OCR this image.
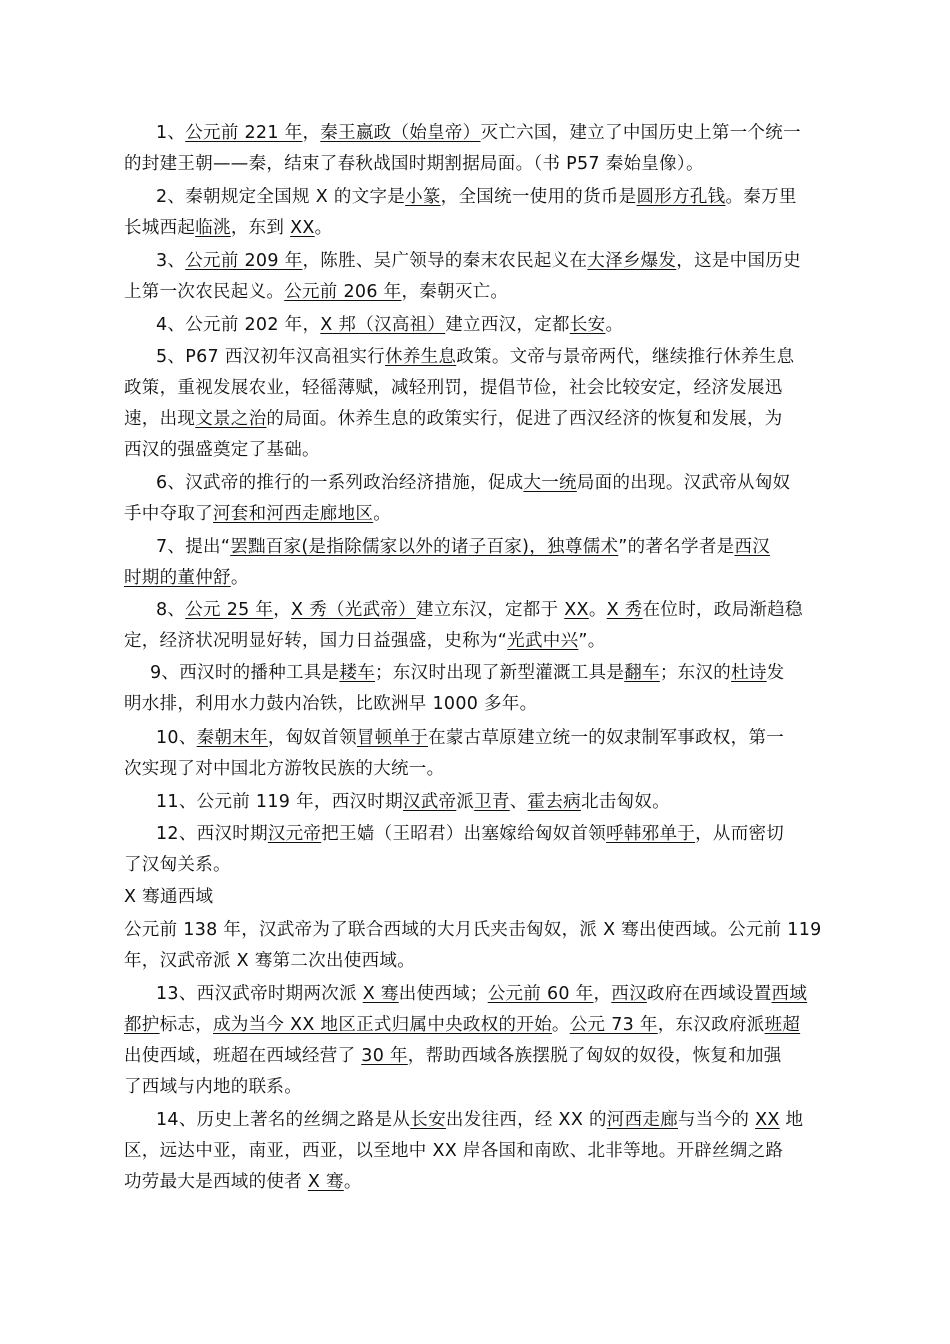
1、公元前 221 年，秦王嬴政（始皇帝）灭亡六国，建立了中国历史上第一个统一
的封建王朝——秦，结束了春秋战国时期割据局面。（书 P57 秦始皇像）。
2、秦朝规定全国规 X 的文字是小篆，全国统一使用的货币是圆形方孔钱。秦万里
长城西起临洮，东到 XX。
3、公元前 209 年，陈胜、吴广领导的秦末农民起义在大泽乡爆发，这是中国历史
上第一次农民起义。公元前 206 年，秦朝灭亡。
4、公元前 202 年，X 邦（汉高祖）建立西汉，定都长安。
5、P67 西汉初年汉高祖实行休养生息政策。文帝与景帝两代，继续推行休养生息
政策，重视发展农业，轻徭薄赋，减轻刑罚，提倡节俭，社会比较安定，经济发展迅
速，出现文景之治的局面。休养生息的政策实行，促进了西汉经济的恢复和发展，为
西汉的强盛奠定了基础。
6、汉武帝的推行的一系列政治经济措施，促成大一统局面的出现。汉武帝从匈奴
手中夺取了河套和河西走廊地区。
7、提出“罢黜百家(是指除儒家以外的诸子百家)，独尊儒术”的著名学者是西汉
时期的董仲舒。
8、公元 25 年，X 秀（光武帝）建立东汉，定都于 XX。X 秀在位时，政局渐趋稳
定，经济状况明显好转，国力日益强盛，史称为“光武中兴”。
9、西汉时的播种工具是耧车；东汉时出现了新型灌溉工具是翻车；东汉的杜诗发
明水排，利用水力鼓内冶铁，比欧洲早 1000 多年。
10、秦朝末年，匈奴首领冒顿单于在蒙古草原建立统一的奴隶制军事政权，第一
次实现了对中国北方游牧民族的大统一。
11、公元前 119 年，西汉时期汉武帝派卫青、霍去病北击匈奴。
12、西汉时期汉元帝把王嫱（王昭君）出塞嫁给匈奴首领呼韩邪单于，从而密切
了汉匈关系。
X 骞通西域
公元前 138 年，汉武帝为了联合西域的大月氏夹击匈奴，派 X 骞出使西域。公元前 119
年，汉武帝派 X 骞第二次出使西域。
13、西汉武帝时期两次派 X 骞出使西域；公元前 60 年，西汉政府在西域设置西域
都护标志，成为当今 XX 地区正式归属中央政权的开始。公元 73 年，东汉政府派班超
出使西域，班超在西域经营了 30 年，帮助西域各族摆脱了匈奴的奴役，恢复和加强
了西域与内地的联系。
14、历史上著名的丝绸之路是从长安出发往西，经 XX 的河西走廊与当今的 XX 地
区，远达中亚，南亚，西亚，以至地中 XX 岸各国和南欧、北非等地。开辟丝绸之路
功劳最大是西域的使者 X 骞。
